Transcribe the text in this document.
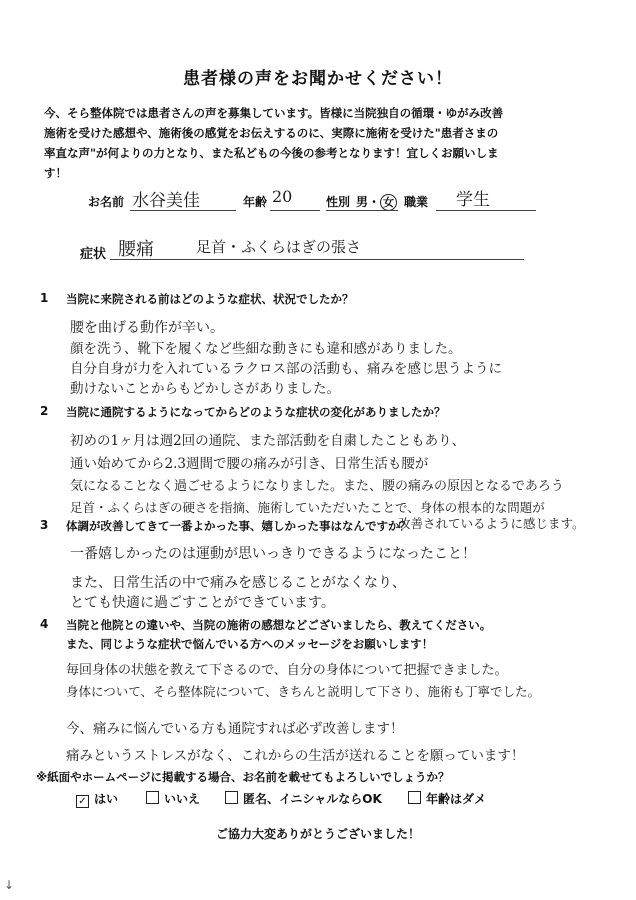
患者様の声をお聞かせください！
今、そら整体院では患者さんの声を募集しています。皆様に当院独自の循環・ゆがみ改善
施術を受けた感想や、施術後の感覚をお伝えするのに、実際に施術を受けた"患者さまの
率直な声"が何よりの力となり、また私どもの今後の参考となります！宜しくお願いしま
す！
お名前 水谷美佳	年齢 20	性別 男・ 女 職業 学生
症状 腰痛	足首・ふくらはぎの張さ
1 当院に来院される前はどのような症状、状況でしたか？
腰を曲げる動作が辛い。
顔を洗う、靴下を履くなど些細な動きにも違和感がありました。
自分自身が力を入れているラクロス部の活動も、痛みを感じ思うように
動けないことからもどかしさがありました。
2 当院に通院するようになってからどのような症状の変化がありましたか？
初めの1ヶ月は週2回の通院、また部活動を自粛したこともあり、
通い始めてから2.3週間で腰の痛みが引き、日常生活も腰が
気になることなく過ごせるようになりました。また、腰の痛みの原因となるであろう
足首・ふくらはぎの硬さを指摘、施術していただいたことで、身体の根本的な問題が
3 体調が改善してきて一番よかった事、嬉しかった事はなんですか？
改善されているように感じます。
一番嬉しかったのは運動が思いっきりできるようになったこと！
また、日常生活の中で痛みを感じることがなくなり、
とても快適に過ごすことができています。
4 当院と他院との違いや、当院の施術の感想などございましたら、教えてください。
また、同じような症状で悩んでいる方へのメッセージをお願いします！
毎回身体の状態を教えて下さるので、自分の身体について把握できました。
身体について、そら整体院について、きちんと説明して下さり、施術も丁寧でした。
今、痛みに悩んでいる方も通院すれば必ず改善します！
痛みというストレスがなく、これからの生活が送れることを願っています！
※紙面やホームページに掲載する場合、お名前を載せてもよろしいでしょうか？
✓ はい	いいえ	匿名、イニシャルならOK	年齢はダメ
ご協力大変ありがとうございました！
↓
